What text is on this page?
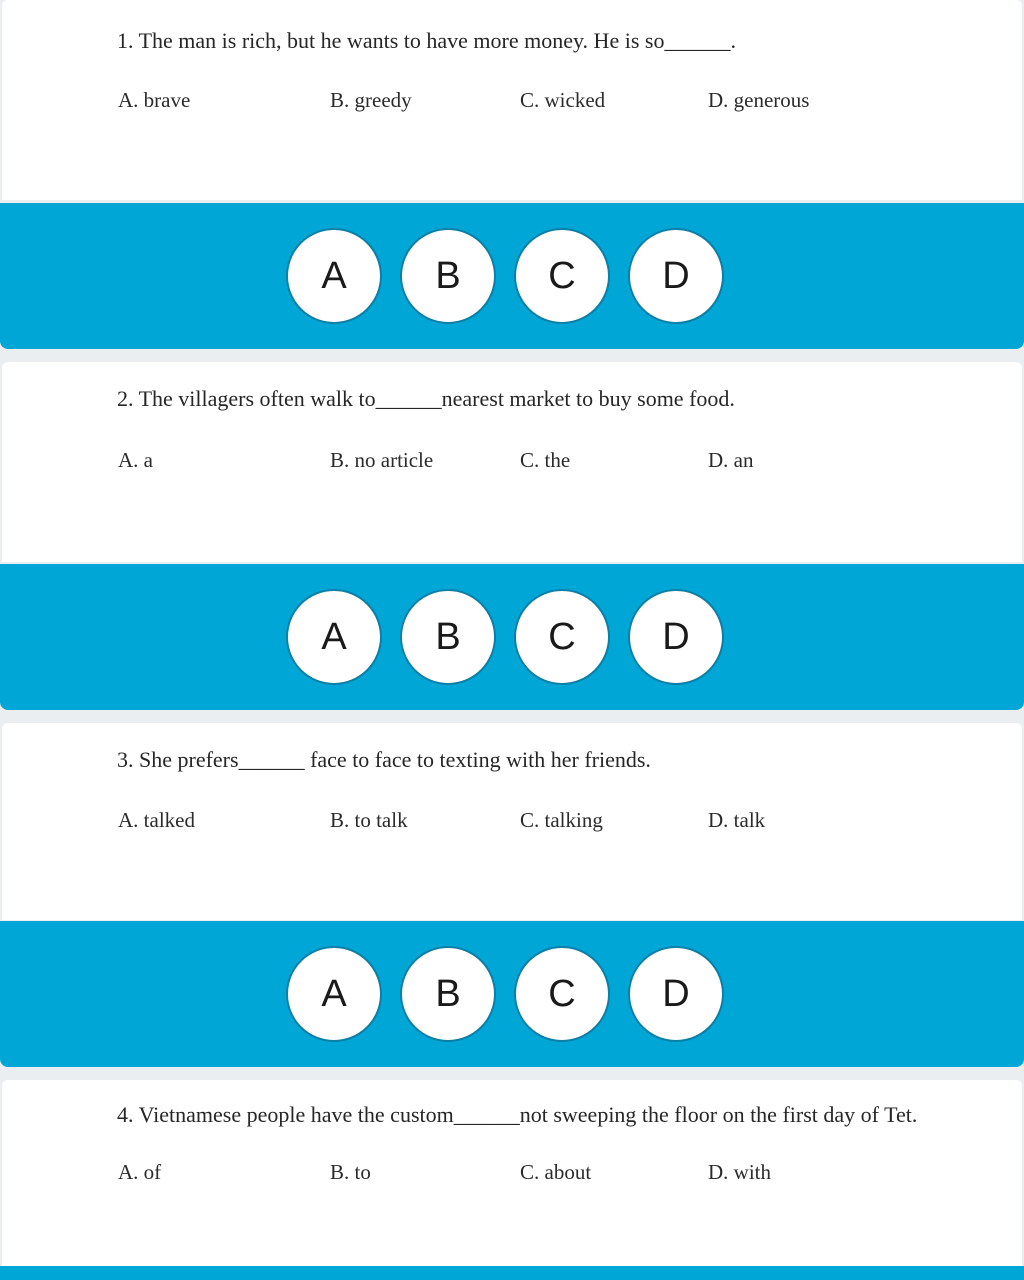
1. The man is rich, but he wants to have more money. He is so______.
A. brave	B. greedy	C. wicked	D. generous
A	B	C	D
2. The villagers often walk to______nearest market to buy some food.
A. a	B. no article	C. the	D. an
A	B	C	D
3. She prefers______ face to face to texting with her friends.
A. talked	B. to talk	C. talking	D. talk
A	B	C	D
4. Vietnamese people have the custom______not sweeping the floor on the first day of Tet.
A. of	B. to	C. about	D. with
